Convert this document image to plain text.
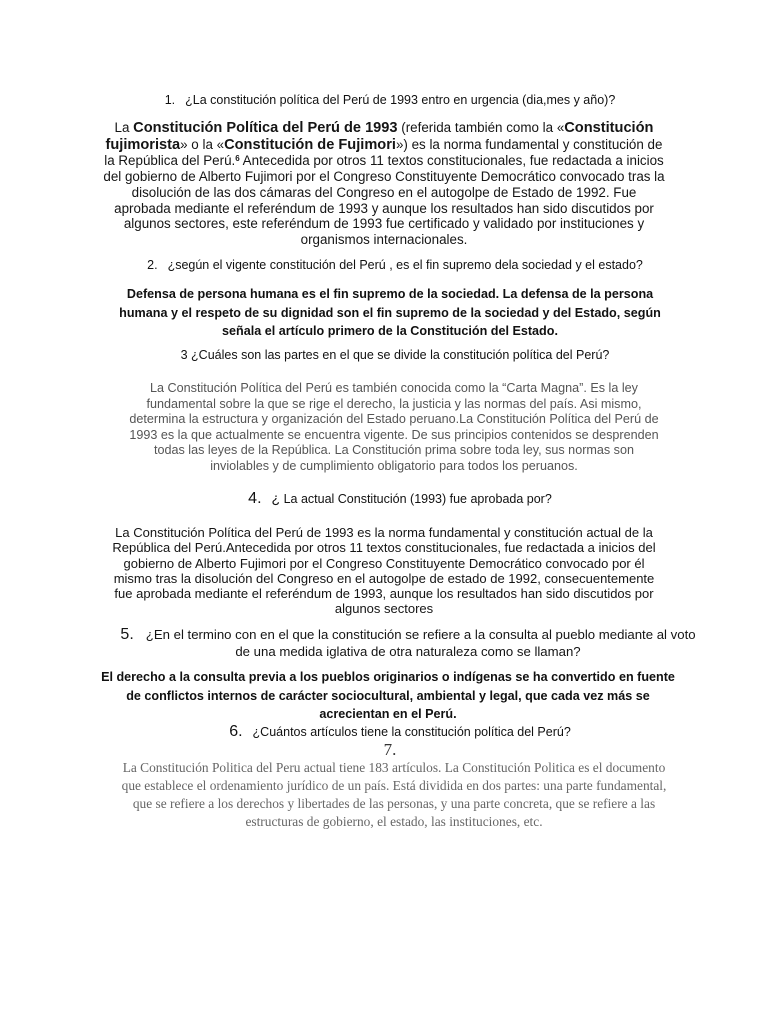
1. ¿La constitución política del Perú de 1993 entro en urgencia (dia,mes y año)?

La Constitución Política del Perú de 1993 (referida también como la «Constitución fujimorista» o la «Constitución de Fujimori») es la norma fundamental y constitución de la República del Perú.$^6$ Antecedida por otros 11 textos constitucionales, fue redactada a inicios del gobierno de Alberto Fujimori por el Congreso Constituyente Democrático convocado tras la disolución de las dos cámaras del Congreso en el autogolpe de Estado de 1992. Fue aprobada mediante el referéndum de 1993 y aunque los resultados han sido discutidos por algunos sectores, este referéndum de 1993 fue certificado y validado por instituciones y organismos internacionales.

2. ¿según el vigente constitución del Perú , es el fin supremo dela sociedad y el estado?

Defensa de persona humana es el fin supremo de la sociedad. La defensa de la persona humana y el respeto de su dignidad son el fin supremo de la sociedad y del Estado, según señala el artículo primero de la Constitución del Estado.

3 ¿Cuáles son las partes en el que se divide la constitución política del Perú?

La Constitución Política del Perú es también conocida como la “Carta Magna”. Es la ley fundamental sobre la que se rige el derecho, la justicia y las normas del país. Asi mismo, determina la estructura y organización del Estado peruano.La Constitución Política del Perú de 1993 es la que actualmente se encuentra vigente. De sus principios contenidos se desprenden todas las leyes de la República. La Constitución prima sobre toda ley, sus normas son inviolables y de cumplimiento obligatorio para todos los peruanos.

4. ¿ La actual Constitución (1993) fue aprobada por?

La Constitución Política del Perú de 1993 es la norma fundamental y constitución actual de la República del Perú.Antecedida por otros 11 textos constitucionales, fue redactada a inicios del gobierno de Alberto Fujimori por el Congreso Constituyente Democrático convocado por él mismo tras la disolución del Congreso en el autogolpe de estado de 1992, consecuentemente fue aprobada mediante el referéndum de 1993, aunque los resultados han sido discutidos por algunos sectores

5. ¿En el termino con en el que la constitución se refiere a la consulta al pueblo mediante al voto de una medida iglativa de otra naturaleza como se llaman?

El derecho a la consulta previa a los pueblos originarios o indígenas se ha convertido en fuente de conflictos internos de carácter sociocultural, ambiental y legal, que cada vez más se acrecientan en el Perú.

6. ¿Cuántos artículos tiene la constitución política del Perú?
7.

La Constitución Politica del Peru actual tiene 183 artículos. La Constitución Politica es el documento que establece el ordenamiento jurídico de un país. Está dividida en dos partes: una parte fundamental, que se refiere a los derechos y libertades de las personas, y una parte concreta, que se refiere a las estructuras de gobierno, el estado, las instituciones, etc.
